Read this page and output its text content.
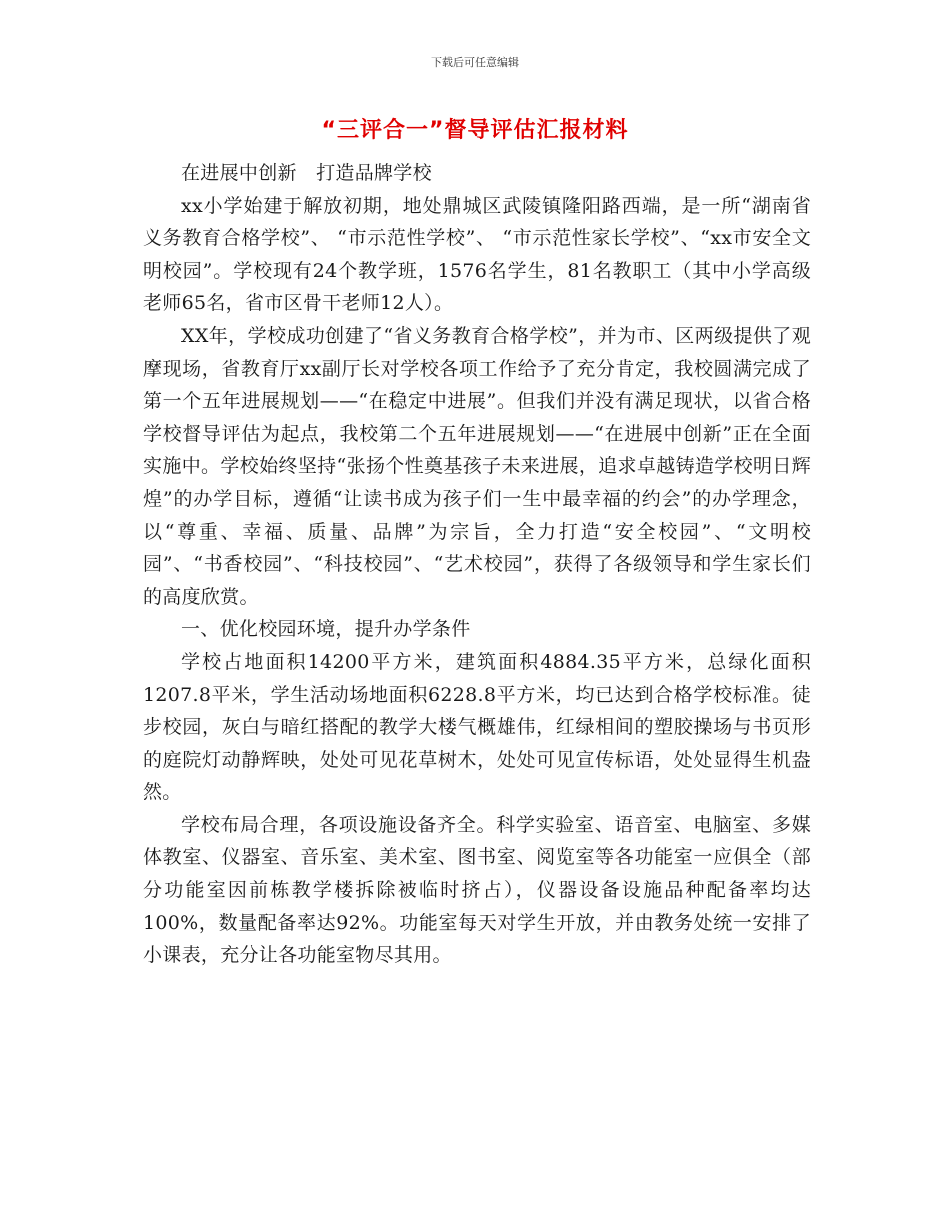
下载后可任意编辑
“三评合一”督导评估汇报材料

在进展中创新　打造品牌学校

xx小学始建于解放初期，地处鼎城区武陵镇隆阳路西端，是一所“湖南省义务教育合格学校”、 “市示范性学校”、 “市示范性家长学校”、“xx市安全文明校园”。学校现有24个教学班，1576名学生，81名教职工（其中小学高级老师65名，省市区骨干老师12人）。

XX年，学校成功创建了“省义务教育合格学校”，并为市、区两级提供了观摩现场，省教育厅xx副厅长对学校各项工作给予了充分肯定，我校圆满完成了第一个五年进展规划——“在稳定中进展”。但我们并没有满足现状，以省合格学校督导评估为起点，我校第二个五年进展规划——“在进展中创新”正在全面实施中。学校始终坚持“张扬个性奠基孩子未来进展，追求卓越铸造学校明日辉煌”的办学目标，遵循“让读书成为孩子们一生中最幸福的约会”的办学理念，以“尊重、幸福、质量、品牌”为宗旨，全力打造“安全校园”、“文明校园”、“书香校园”、“科技校园”、“艺术校园”，获得了各级领导和学生家长们的高度欣赏。

一、优化校园环境，提升办学条件

学校占地面积14200平方米，建筑面积4884.35平方米，总绿化面积1207.8平米，学生活动场地面积6228.8平方米，均已达到合格学校标准。徒步校园，灰白与暗红搭配的教学大楼气概雄伟，红绿相间的塑胶操场与书页形的庭院灯动静辉映，处处可见花草树木，处处可见宣传标语，处处显得生机盎然。

学校布局合理，各项设施设备齐全。科学实验室、语音室、电脑室、多媒体教室、仪器室、音乐室、美术室、图书室、阅览室等各功能室一应俱全（部分功能室因前栋教学楼拆除被临时挤占），仪器设备设施品种配备率均达100%，数量配备率达92%。功能室每天对学生开放，并由教务处统一安排了小课表，充分让各功能室物尽其用。
